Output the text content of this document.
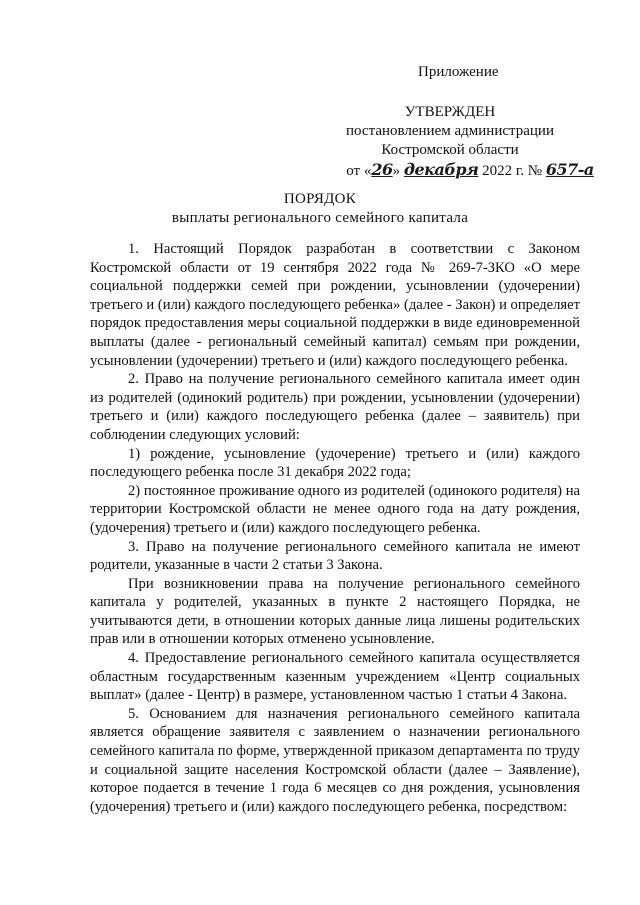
Приложение
УТВЕРЖДЕН
постановлением администрации
Костромской области
от «26» декабря 2022 г. № 657-а
ПОРЯДОК
выплаты регионального семейного капитала

1. Настоящий Порядок разработан в соответствии с Законом Костромской области от 19 сентября 2022 года № 269-7-ЗКО «О мере социальной поддержки семей при рождении, усыновлении (удочерении) третьего и (или) каждого последующего ребенка» (далее - Закон) и определяет порядок предоставления меры социальной поддержки в виде единовременной выплаты (далее - региональный семейный капитал) семьям при рождении, усыновлении (удочерении) третьего и (или) каждого последующего ребенка.

2. Право на получение регионального семейного капитала имеет один из родителей (одинокий родитель) при рождении, усыновлении (удочерении) третьего и (или) каждого последующего ребенка (далее – заявитель) при соблюдении следующих условий:

1) рождение, усыновление (удочерение) третьего и (или) каждого последующего ребенка после 31 декабря 2022 года;

2) постоянное проживание одного из родителей (одинокого родителя) на территории Костромской области не менее одного года на дату рождения, (удочерения) третьего и (или) каждого последующего ребенка.

3. Право на получение регионального семейного капитала не имеют родители, указанные в части 2 статьи 3 Закона.

При возникновении права на получение регионального семейного капитала у родителей, указанных в пункте 2 настоящего Порядка, не учитываются дети, в отношении которых данные лица лишены родительских прав или в отношении которых отменено усыновление.

4. Предоставление регионального семейного капитала осуществляется областным государственным казенным учреждением «Центр социальных выплат» (далее - Центр) в размере, установленном частью 1 статьи 4 Закона.

5. Основанием для назначения регионального семейного капитала является обращение заявителя с заявлением о назначении регионального семейного капитала по форме, утвержденной приказом департамента по труду и социальной защите населения Костромской области (далее – Заявление), которое подается в течение 1 года 6 месяцев со дня рождения, усыновления (удочерения) третьего и (или) каждого последующего ребенка, посредством:
